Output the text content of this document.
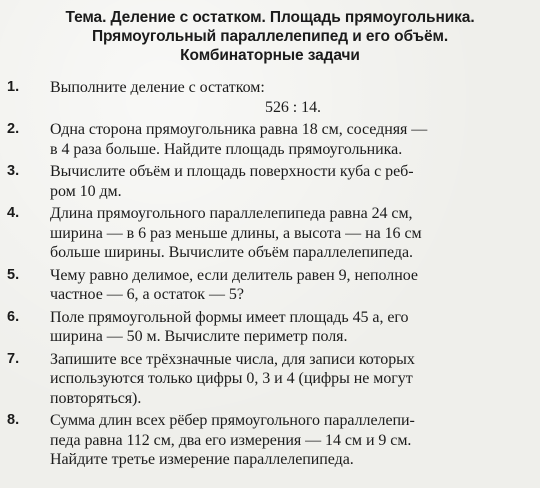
Тема. Деление с остатком. Площадь прямоугольника.
Прямоугольный параллелепипед и его объём.
Комбинаторные задачи
1. Выполните деление с остатком:
526 : 14.
2. Одна сторона прямоугольника равна 18 см, соседняя —
в 4 раза больше. Найдите площадь прямоугольника.
3. Вычислите объём и площадь поверхности куба с реб-
ром 10 дм.
4. Длина прямоугольного параллелепипеда равна 24 см,
ширина — в 6 раз меньше длины, а высота — на 16 см
больше ширины. Вычислите объём параллелепипеда.
5. Чему равно делимое, если делитель равен 9, неполное
частное — 6, а остаток — 5?
6. Поле прямоугольной формы имеет площадь 45 а, его
ширина — 50 м. Вычислите периметр поля.
7. Запишите все трёхзначные числа, для записи которых
используются только цифры 0, 3 и 4 (цифры не могут
повторяться).
8. Сумма длин всех рёбер прямоугольного параллелепи-
педа равна 112 см, два его измерения — 14 см и 9 см.
Найдите третье измерение параллелепипеда.
